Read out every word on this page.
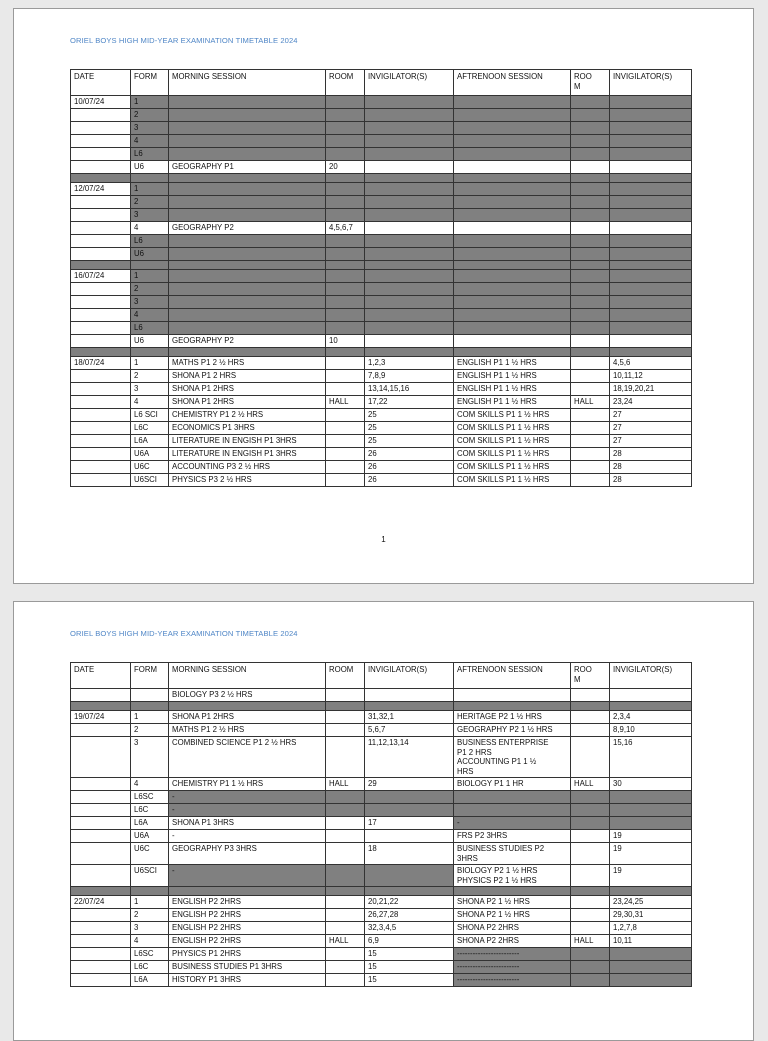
ORIEL BOYS HIGH MID-YEAR EXAMINATION TIMETABLE 2024
DATE	FORM	MORNING SESSION	ROOM	INVIGILATOR(S)	AFTRENOON SESSION	ROO
M	INVIGILATOR(S)
10/07/24	1						
	2						
	3						
	4						
	L6						
	U6	GEOGRAPHY P1	20				

12/07/24	1						
	2						
	3						
	4	GEOGRAPHY P2	4,5,6,7				
	L6						
	U6						

16/07/24	1						
	2						
	3						
	4						
	L6						
	U6	GEOGRAPHY P2	10				

18/07/24	1	MATHS P1 2 ½ HRS		1,2,3	ENGLISH P1 1 ½ HRS		4,5,6
	2	SHONA P1 2 HRS		7,8,9	ENGLISH P1 1 ½ HRS		10,11,12
	3	SHONA P1 2HRS		13,14,15,16	ENGLISH P1 1 ½ HRS		18,19,20,21
	4	SHONA P1 2HRS	HALL	17,22	ENGLISH P1 1 ½ HRS	HALL	23,24
	L6 SCI	CHEMISTRY P1 2 ½ HRS		25	COM SKILLS P1 1 ½ HRS		27
	L6C	ECONOMICS P1 3HRS		25	COM SKILLS P1 1 ½ HRS		27
	L6A	LITERATURE IN ENGISH P1 3HRS		25	COM SKILLS P1 1 ½ HRS		27
	U6A	LITERATURE IN ENGISH P1 3HRS		26	COM SKILLS P1 1 ½ HRS		28
	U6C	ACCOUNTING P3 2 ½ HRS		26	COM SKILLS P1 1 ½ HRS		28
	U6SCI	PHYSICS P3 2 ½ HRS		26	COM SKILLS P1 1 ½ HRS		28
1
ORIEL BOYS HIGH MID-YEAR EXAMINATION TIMETABLE 2024
DATE	FORM	MORNING SESSION	ROOM	INVIGILATOR(S)	AFTRENOON SESSION	ROO
M	INVIGILATOR(S)
		BIOLOGY P3 2 ½ HRS					

19/07/24	1	SHONA P1 2HRS		31,32,1	HERITAGE P2 1 ½ HRS		2,3,4
	2	MATHS P1 2 ½ HRS		5,6,7	GEOGRAPHY P2 1 ½ HRS		8,9,10
	3	COMBINED SCIENCE P1 2 ½ HRS		11,12,13,14	BUSINESS ENTERPRISE
P1 2 HRS
ACCOUNTING P1 1 ½
HRS		15,16
	4	CHEMISTRY P1 1 ½ HRS	HALL	29	BIOLOGY P1 1 HR	HALL	30
	L6SC	-					
	L6C	-					
	L6A	SHONA P1 3HRS		17	-		
	U6A	-			FRS P2 3HRS		19
	U6C	GEOGRAPHY P3 3HRS		18	BUSINESS STUDIES P2
3HRS		19
	U6SCI	-			BIOLOGY P2 1 ½ HRS
PHYSICS P2 1 ½ HRS		19

22/07/24	1	ENGLISH P2 2HRS		20,21,22	SHONA P2 1 ½ HRS		23,24,25
	2	ENGLISH P2 2HRS		26,27,28	SHONA P2 1 ½ HRS		29,30,31
	3	ENGLISH P2 2HRS		32,3,4,5	SHONA P2 2HRS		1,2,7,8
	4	ENGLISH P2 2HRS	HALL	6,9	SHONA P2 2HRS	HALL	10,11
	L6SC	PHYSICS P1 2HRS		15	------------------------		
	L6C	BUSINESS STUDIES P1 3HRS		15	------------------------		
	L6A	HISTORY P1 3HRS		15	------------------------		
